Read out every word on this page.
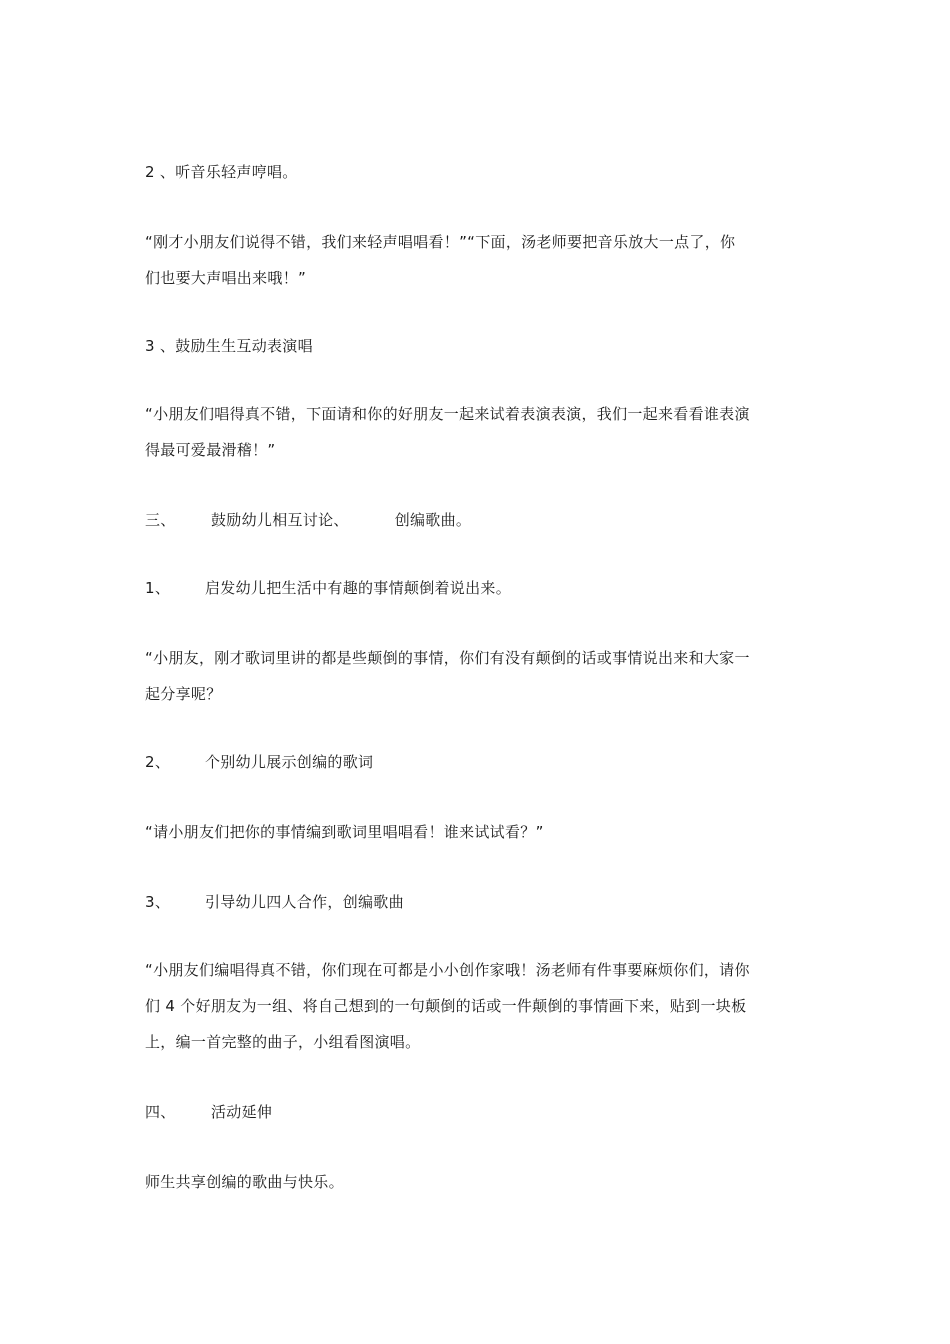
2 、听音乐轻声哼唱。

“刚才小朋友们说得不错，我们来轻声唱唱看！”“下面，汤老师要把音乐放大一点了，你
们也要大声唱出来哦！”

3 、鼓励生生互动表演唱

“小朋友们唱得真不错，下面请和你的好朋友一起来试着表演表演，我们一起来看看谁表演
得最可爱最滑稽！”

三、 鼓励幼儿相互讨论、	创编歌曲。

1、 启发幼儿把生活中有趣的事情颠倒着说出来。

“小朋友，刚才歌词里讲的都是些颠倒的事情，你们有没有颠倒的话或事情说出来和大家一
起分享呢？

2、 个别幼儿展示创编的歌词

“请小朋友们把你的事情编到歌词里唱唱看！谁来试试看？”

3、 引导幼儿四人合作，创编歌曲

“小朋友们编唱得真不错，你们现在可都是小小创作家哦！汤老师有件事要麻烦你们，请你
们 4 个好朋友为一组、将自己想到的一句颠倒的话或一件颠倒的事情画下来，贴到一块板
上，编一首完整的曲子，小组看图演唱。

四、 活动延伸

师生共享创编的歌曲与快乐。
